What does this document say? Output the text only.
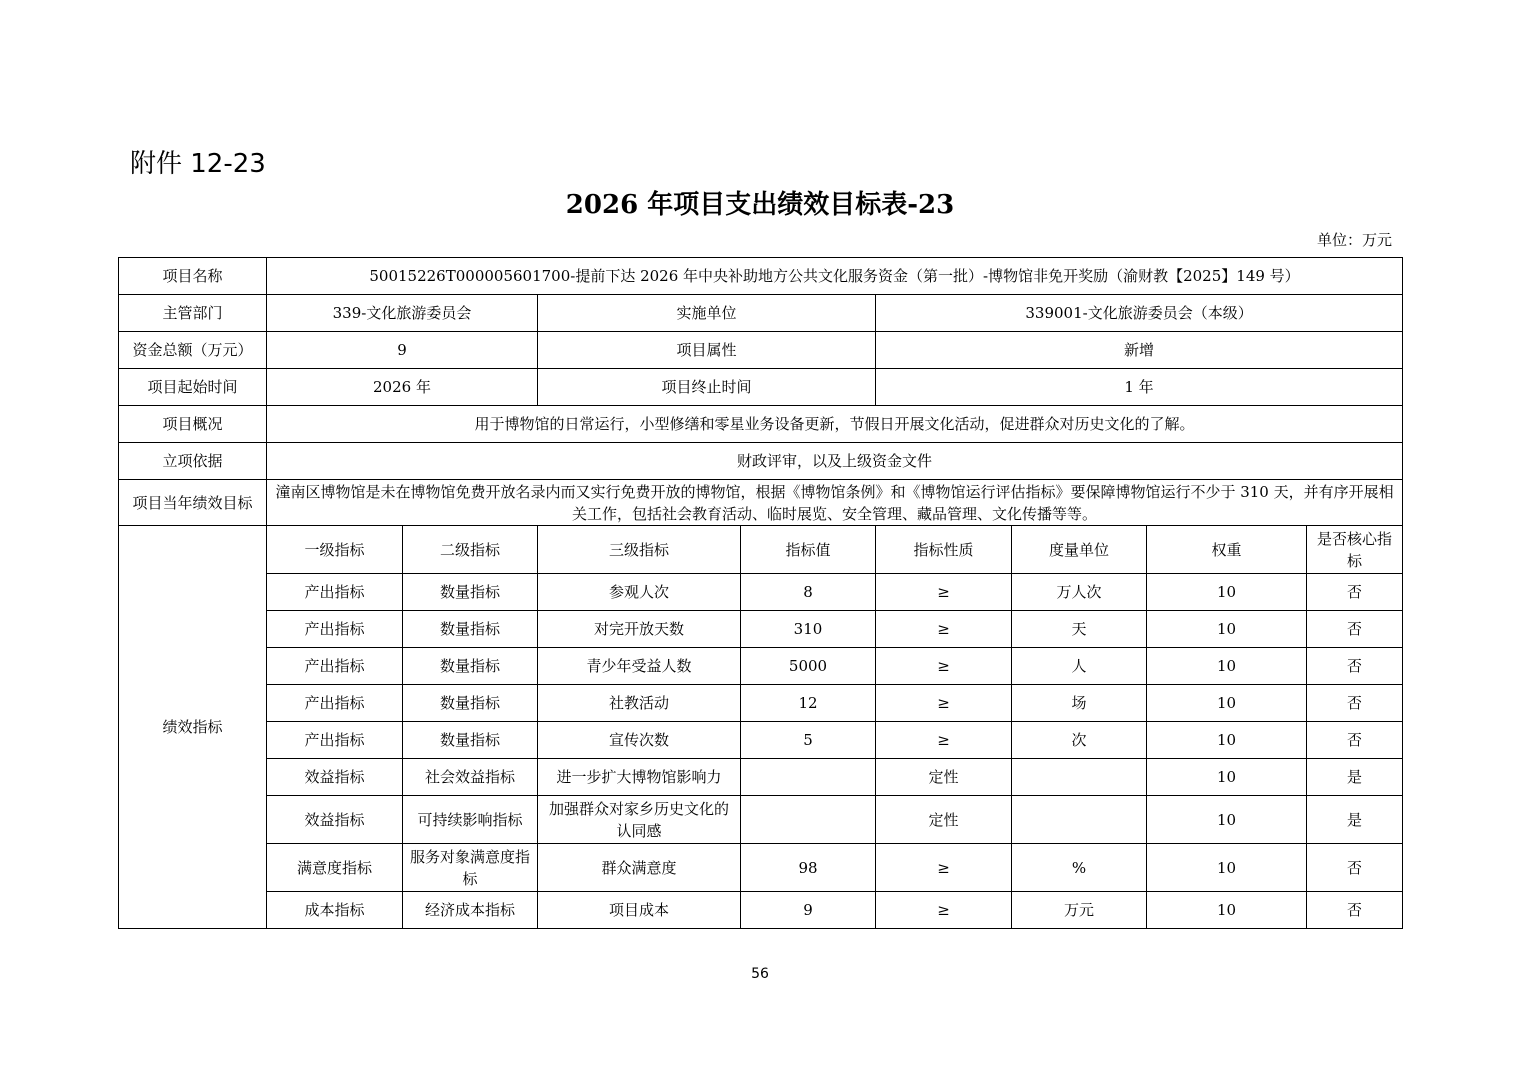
附件 12-23
2026 年项目支出绩效目标表-23
单位：万元
项目名称	50015226T000005601700-提前下达 2026 年中央补助地方公共文化服务资金（第一批）-博物馆非免开奖励（渝财教【2025】149 号）							
主管部门	339-文化旅游委员会		实施单位		339001-文化旅游委员会（本级）			
资金总额（万元）	9		项目属性		新增			
项目起始时间	2026 年		项目终止时间		1 年			
项目概况	用于博物馆的日常运行，小型修缮和零星业务设备更新，节假日开展文化活动，促进群众对历史文化的了解。							
立项依据	财政评审，以及上级资金文件							
项目当年绩效目标	潼南区博物馆是未在博物馆免费开放名录内而又实行免费开放的博物馆，根据《博物馆条例》和《博物馆运行评估指标》要保障博物馆运行不少于 310 天，并有序开展相关工作，包括社会教育活动、临时展览、安全管理、藏品管理、文化传播等等。							
绩效指标	一级指标	二级指标	三级指标	指标值	指标性质	度量单位	权重	是否核心指标
	产出指标	数量指标	参观人次	8	≥	万人次	10	否
	产出指标	数量指标	对完开放天数	310	≥	天	10	否
	产出指标	数量指标	青少年受益人数	5000	≥	人	10	否
	产出指标	数量指标	社教活动	12	≥	场	10	否
	产出指标	数量指标	宣传次数	5	≥	次	10	否
	效益指标	社会效益指标	进一步扩大博物馆影响力		定性		10	是
	效益指标	可持续影响指标	加强群众对家乡历史文化的认同感		定性		10	是
	满意度指标	服务对象满意度指标	群众满意度	98	≥	%	10	否
	成本指标	经济成本指标	项目成本	9	≥	万元	10	否
56
